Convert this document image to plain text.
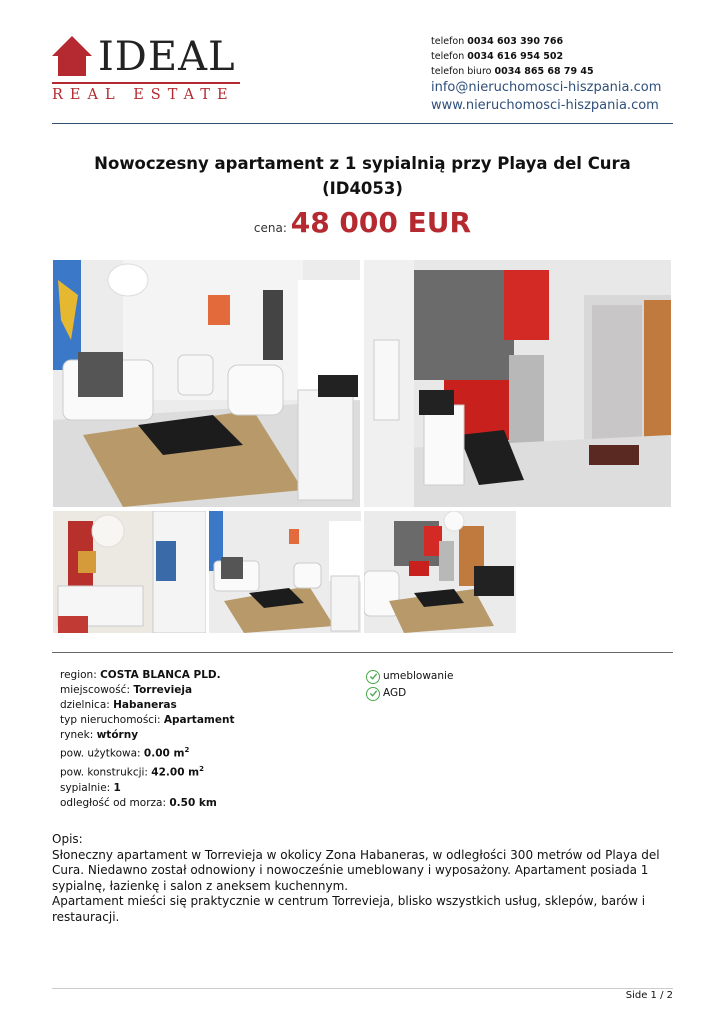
IDEAL
REAL ESTATE
telefon 0034 603 390 766
telefon 0034 616 954 502
telefon biuro 0034 865 68 79 45
info@nieruchomosci-hiszpania.com
www.nieruchomosci-hiszpania.com
Nowoczesny apartament z 1 sypialnią przy Playa del Cura (ID4053)
cena: 48 000 EUR
region: COSTA BLANCA PLD.
miejscowość: Torrevieja
dzielnica: Habaneras
typ nieruchomości: Apartament
rynek: wtórny
pow. użytkowa: 0.00 $m^2$
pow. konstrukcji: 42.00 $m^2$
sypialnie: 1
odległość od morza: 0.50 km
umeblowanie
AGD
Opis:
Słoneczny apartament w Torrevieja w okolicy Zona Habaneras, w odległości 300 metrów od Playa del Cura. Niedawno został odnowiony i nowocześnie umeblowany i wyposażony. Apartament posiada 1 sypialnę, łazienkę i salon z aneksem kuchennym.
Apartament mieści się praktycznie w centrum Torrevieja, blisko wszystkich usług, sklepów, barów i restauracji.
Side 1 / 2
